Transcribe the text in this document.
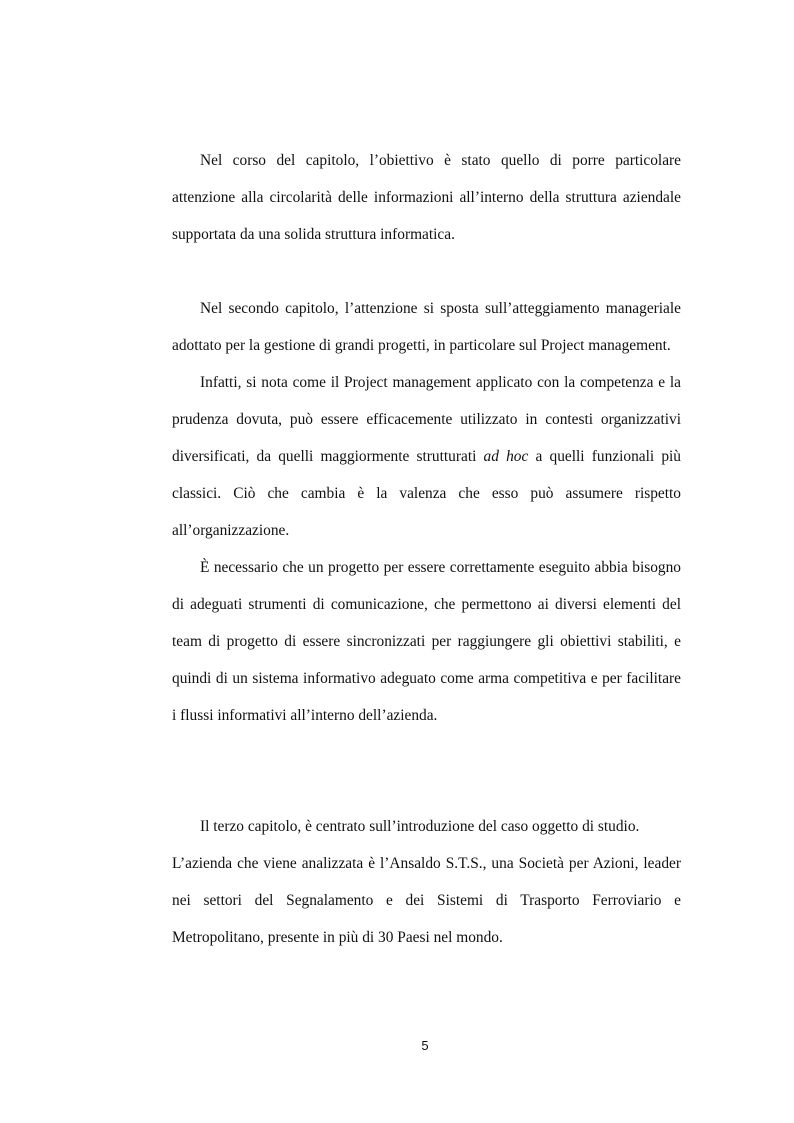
Nel corso del capitolo, l’obiettivo è stato quello di porre particolare attenzione alla circolarità delle informazioni all’interno della struttura aziendale supportata da una solida struttura informatica.

Nel secondo capitolo, l’attenzione si sposta sull’atteggiamento manageriale adottato per la gestione di grandi progetti, in particolare sul Project management.

Infatti, si nota come il Project management applicato con la competenza e la prudenza dovuta, può essere efficacemente utilizzato in contesti organizzativi diversificati, da quelli maggiormente strutturati ad hoc a quelli funzionali più classici. Ciò che cambia è la valenza che esso può assumere rispetto all’organizzazione.

È necessario che un progetto per essere correttamente eseguito abbia bisogno di adeguati strumenti di comunicazione, che permettono ai diversi elementi del team di progetto di essere sincronizzati per raggiungere gli obiettivi stabiliti, e quindi di un sistema informativo adeguato come arma competitiva e per facilitare i flussi informativi all’interno dell’azienda.

Il terzo capitolo, è centrato sull’introduzione del caso oggetto di studio.

L’azienda che viene analizzata è l’Ansaldo S.T.S., una Società per Azioni, leader nei settori del Segnalamento e dei Sistemi di Trasporto Ferroviario e Metropolitano, presente in più di 30 Paesi nel mondo.

5
